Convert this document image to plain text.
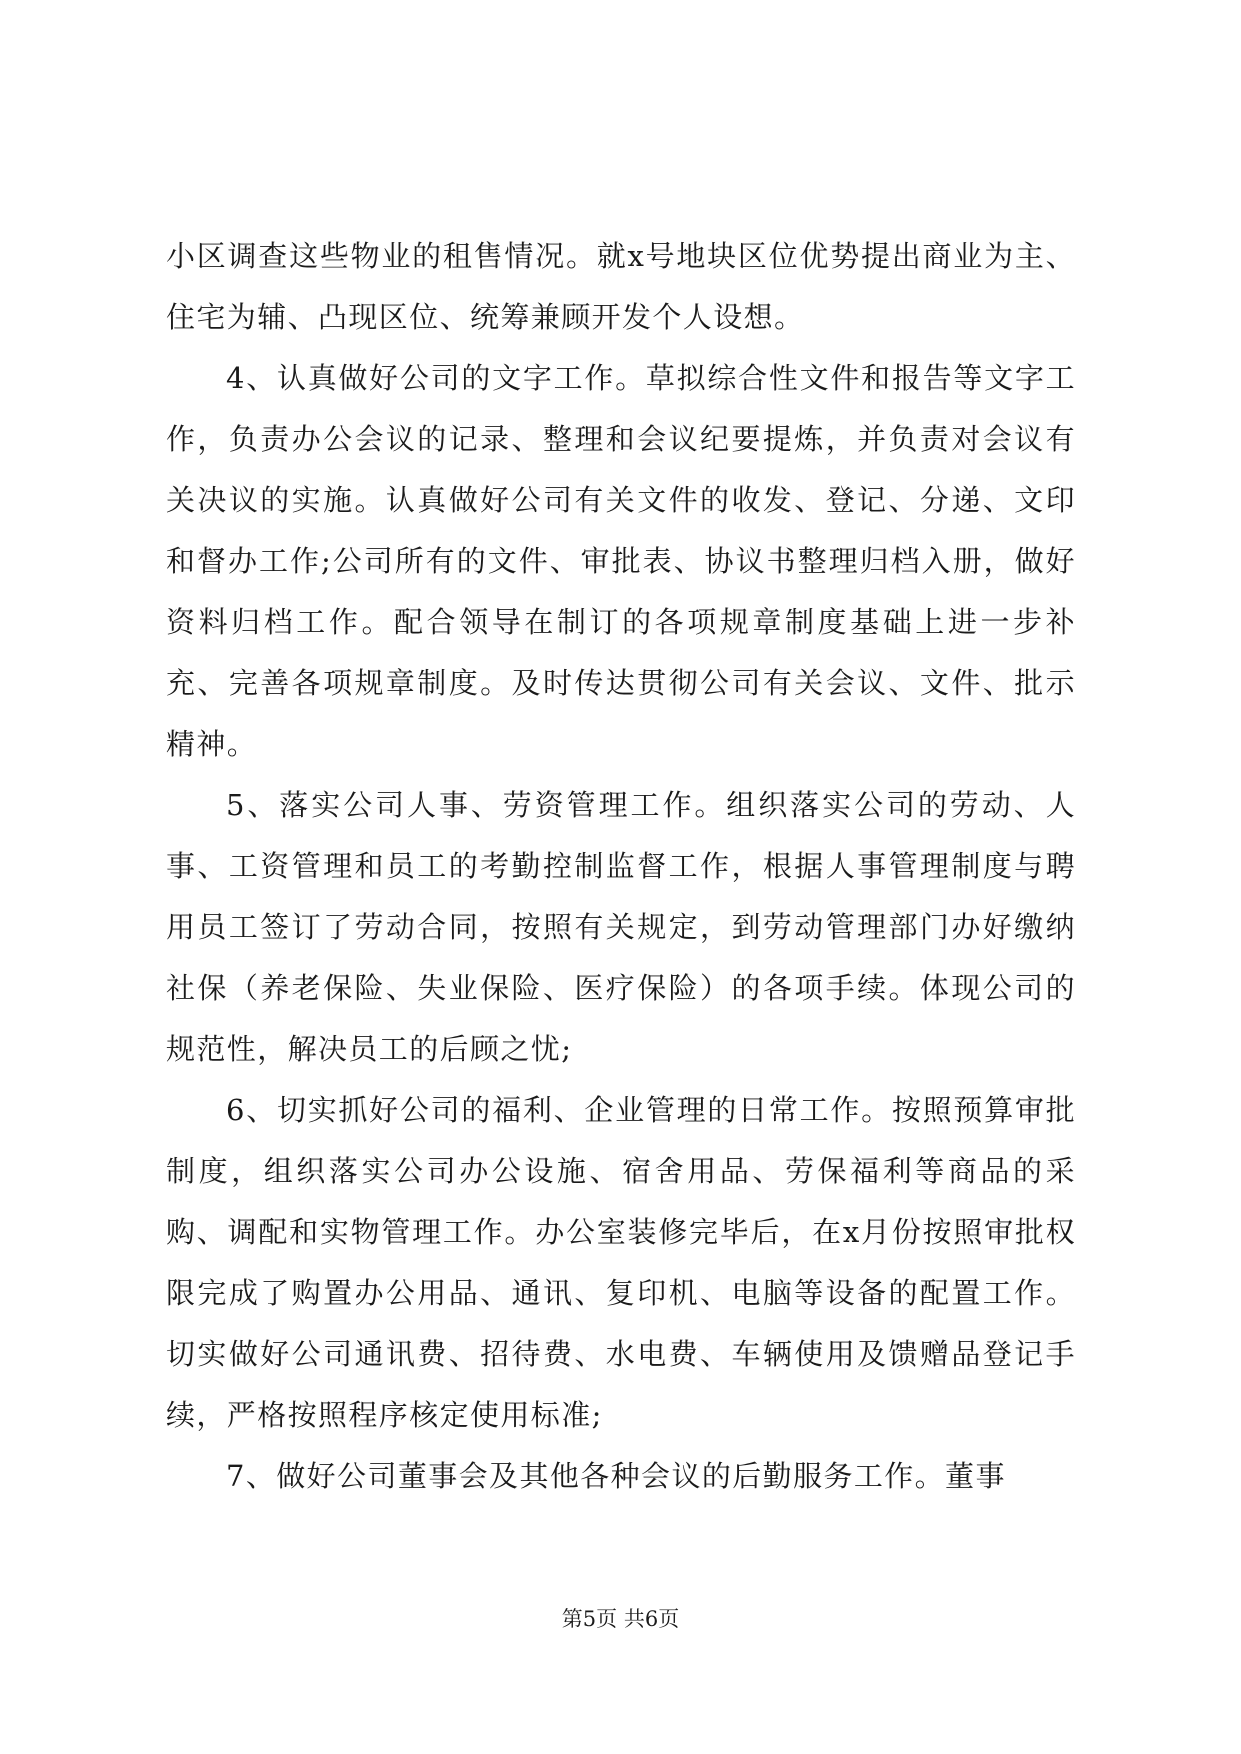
小区调查这些物业的租售情况。就x号地块区位优势提出商业为主、住宅为辅、凸现区位、统筹兼顾开发个人设想。

4、认真做好公司的文字工作。草拟综合性文件和报告等文字工作，负责办公会议的记录、整理和会议纪要提炼，并负责对会议有关决议的实施。认真做好公司有关文件的收发、登记、分递、文印和督办工作;公司所有的文件、审批表、协议书整理归档入册，做好资料归档工作。配合领导在制订的各项规章制度基础上进一步补充、完善各项规章制度。及时传达贯彻公司有关会议、文件、批示精神。

5、落实公司人事、劳资管理工作。组织落实公司的劳动、人事、工资管理和员工的考勤控制监督工作，根据人事管理制度与聘用员工签订了劳动合同，按照有关规定，到劳动管理部门办好缴纳社保（养老保险、失业保险、医疗保险）的各项手续。体现公司的规范性，解决员工的后顾之忧;

6、切实抓好公司的福利、企业管理的日常工作。按照预算审批制度，组织落实公司办公设施、宿舍用品、劳保福利等商品的采购、调配和实物管理工作。办公室装修完毕后，在x月份按照审批权限完成了购置办公用品、通讯、复印机、电脑等设备的配置工作。切实做好公司通讯费、招待费、水电费、车辆使用及馈赠品登记手续，严格按照程序核定使用标准;

7、做好公司董事会及其他各种会议的后勤服务工作。董事

第5页 共6页
